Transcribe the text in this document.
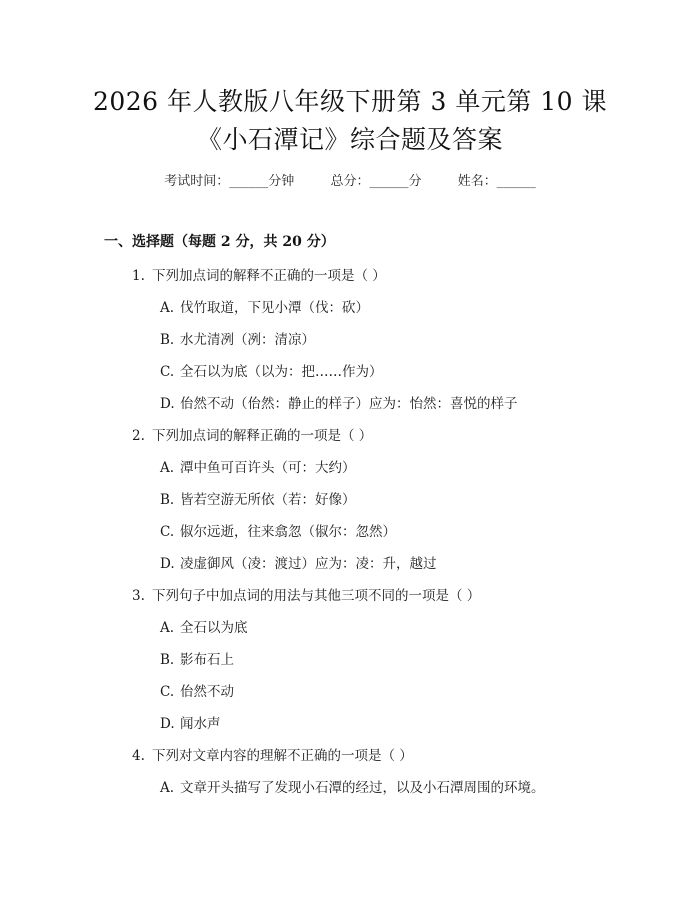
2026 年人教版八年级下册第 3 单元第 10 课
《小石潭记》综合题及答案
考试时间：______分钟	总分：______分	姓名：______
一、选择题（每题 2 分，共 20 分）
1. 下列加点词的解释不正确的一项是（ ）
A. 伐竹取道，下见小潭（伐：砍）
B. 水尤清冽（冽：清凉）
C. 全石以为底（以为：把……作为）
D. 佁然不动（佁然：静止的样子）应为：怡然：喜悦的样子
2. 下列加点词的解释正确的一项是（ ）
A. 潭中鱼可百许头（可：大约）
B. 皆若空游无所依（若：好像）
C. 俶尔远逝，往来翕忽（俶尔：忽然）
D. 凌虚御风（凌：渡过）应为：凌：升，越过
3. 下列句子中加点词的用法与其他三项不同的一项是（ ）
A. 全石以为底
B. 影布石上
C. 佁然不动
D. 闻水声
4. 下列对文章内容的理解不正确的一项是（ ）
A. 文章开头描写了发现小石潭的经过，以及小石潭周围的环境。
